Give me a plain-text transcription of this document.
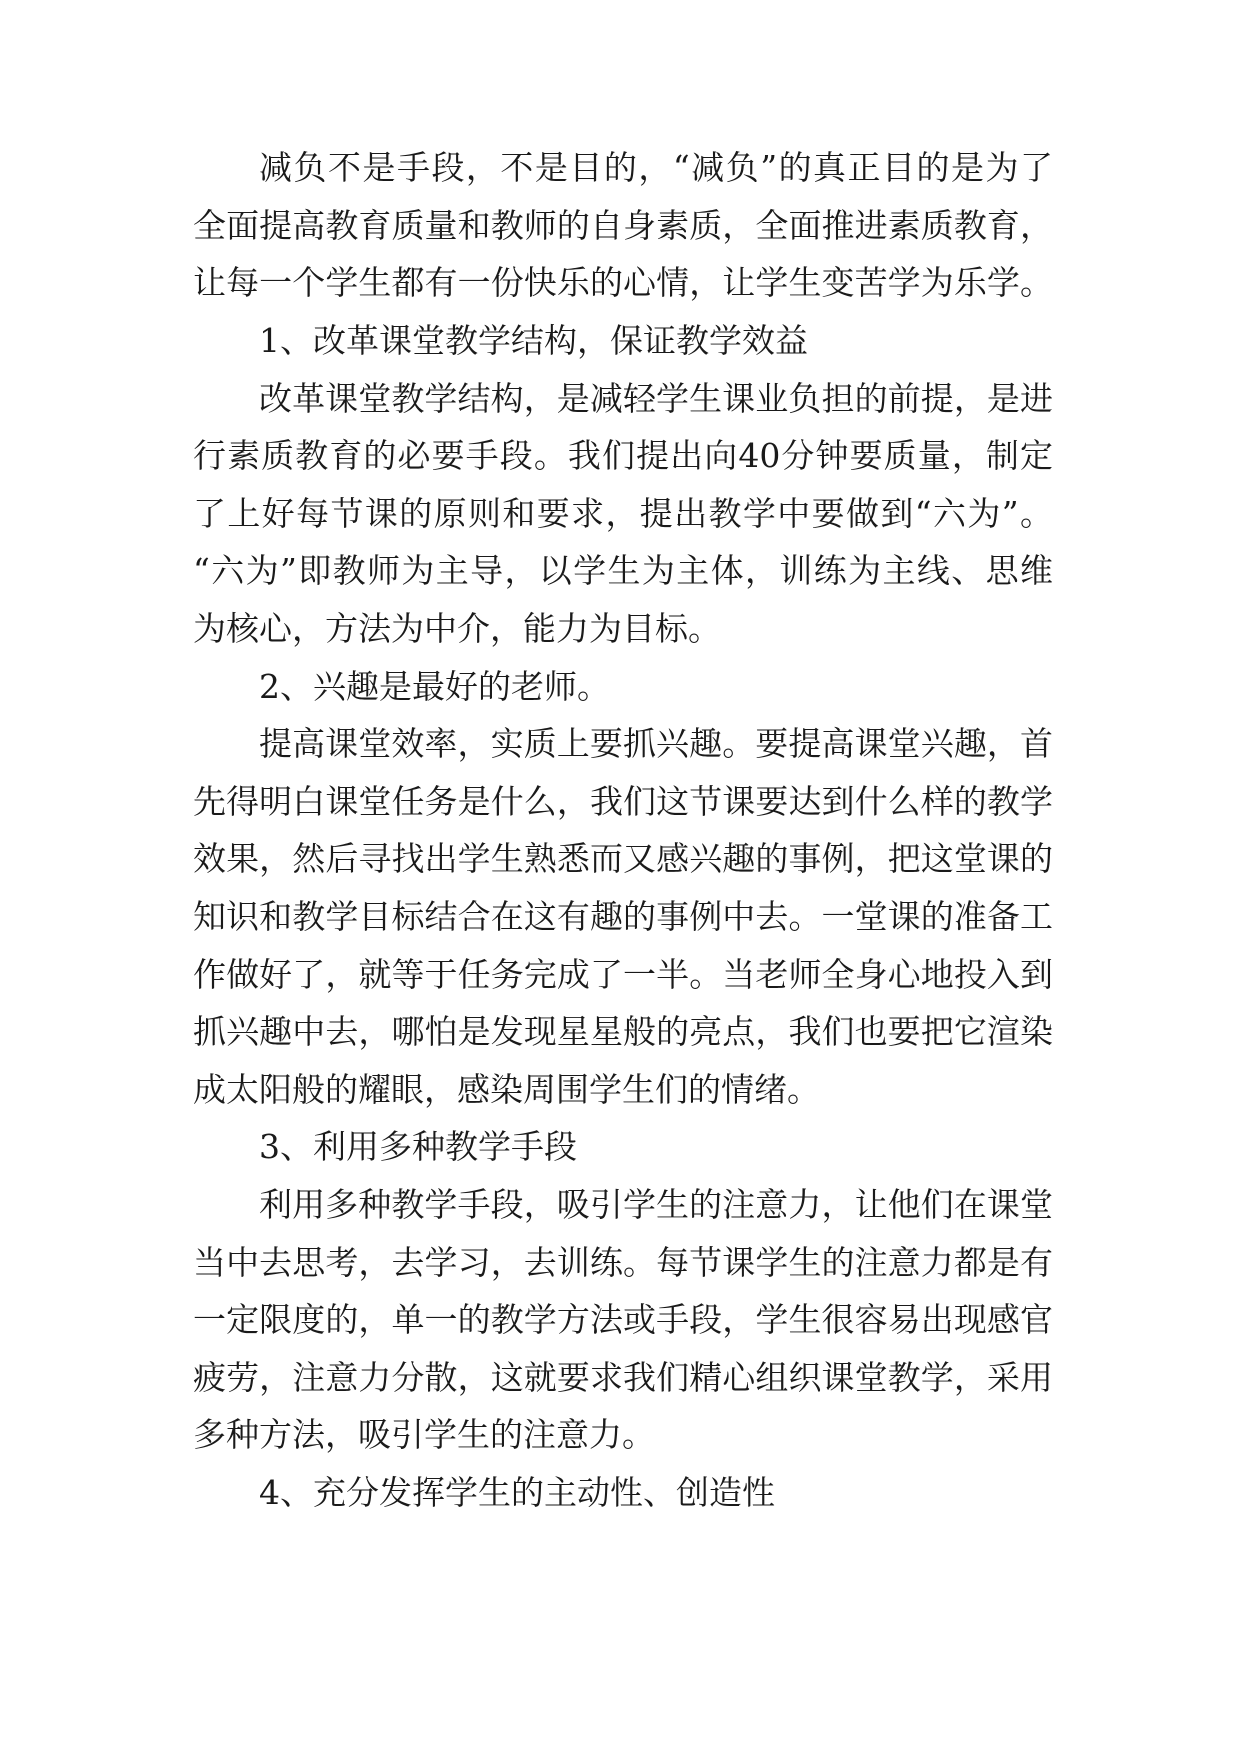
减负不是手段，不是目的，“减负”的真正目的是为了
全面提高教育质量和教师的自身素质，全面推进素质教育，
让每一个学生都有一份快乐的心情，让学生变苦学为乐学。
1、改革课堂教学结构，保证教学效益
改革课堂教学结构，是减轻学生课业负担的前提，是进
行素质教育的必要手段。我们提出向40分钟要质量，制定
了上好每节课的原则和要求，提出教学中要做到“六为”。
“六为”即教师为主导，以学生为主体，训练为主线、思维
为核心，方法为中介，能力为目标。
2、兴趣是最好的老师。
提高课堂效率，实质上要抓兴趣。要提高课堂兴趣，首
先得明白课堂任务是什么，我们这节课要达到什么样的教学
效果，然后寻找出学生熟悉而又感兴趣的事例，把这堂课的
知识和教学目标结合在这有趣的事例中去。一堂课的准备工
作做好了，就等于任务完成了一半。当老师全身心地投入到
抓兴趣中去，哪怕是发现星星般的亮点，我们也要把它渲染
成太阳般的耀眼，感染周围学生们的情绪。
3、利用多种教学手段
利用多种教学手段，吸引学生的注意力，让他们在课堂
当中去思考，去学习，去训练。每节课学生的注意力都是有
一定限度的，单一的教学方法或手段，学生很容易出现感官
疲劳，注意力分散，这就要求我们精心组织课堂教学，采用
多种方法，吸引学生的注意力。
4、充分发挥学生的主动性、创造性
